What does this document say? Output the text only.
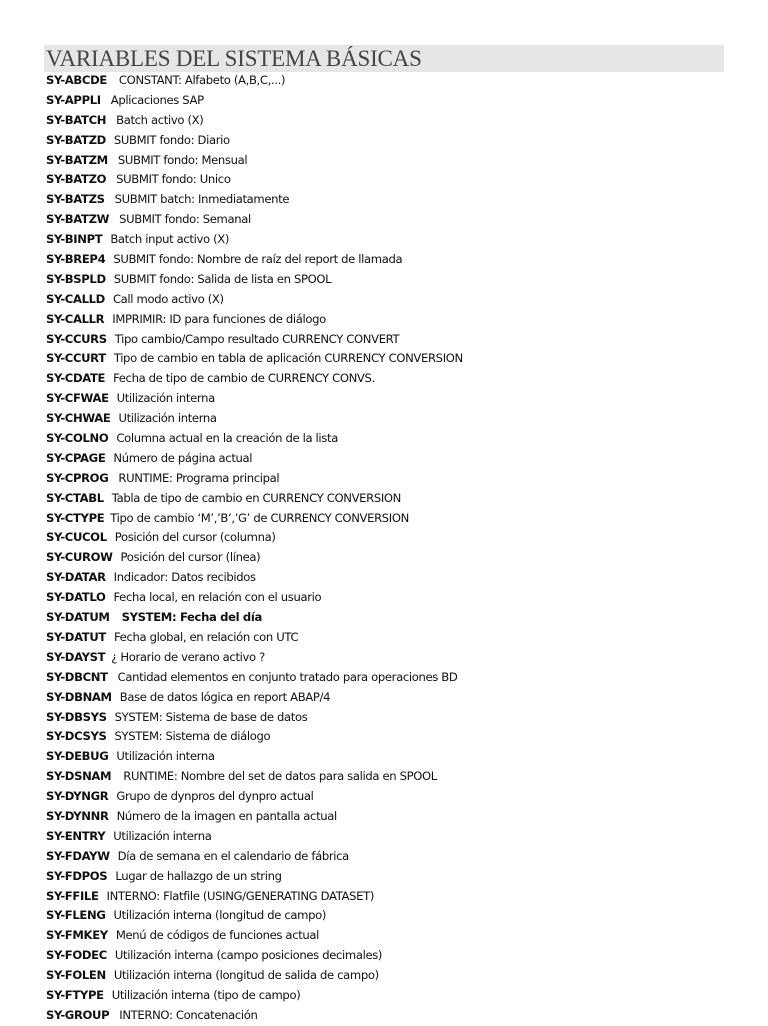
VARIABLES DEL SISTEMA BÁSICAS
SY-ABCDE CONSTANT: Alfabeto (A,B,C,...)
SY-APPLI Aplicaciones SAP
SY-BATCH Batch activo (X)
SY-BATZD SUBMIT fondo: Diario
SY-BATZM SUBMIT fondo: Mensual
SY-BATZO SUBMIT fondo: Unico
SY-BATZS SUBMIT batch: Inmediatamente
SY-BATZW SUBMIT fondo: Semanal
SY-BINPT Batch input activo (X)
SY-BREP4 SUBMIT fondo: Nombre de raíz del report de llamada
SY-BSPLD SUBMIT fondo: Salida de lista en SPOOL
SY-CALLD Call modo activo (X)
SY-CALLR IMPRIMIR: ID para funciones de diálogo
SY-CCURS Tipo cambio/Campo resultado CURRENCY CONVERT
SY-CCURT Tipo de cambio en tabla de aplicación CURRENCY CONVERSION
SY-CDATE Fecha de tipo de cambio de CURRENCY CONVS.
SY-CFWAE Utilización interna
SY-CHWAE Utilización interna
SY-COLNO Columna actual en la creación de la lista
SY-CPAGE Número de página actual
SY-CPROG RUNTIME: Programa principal
SY-CTABL Tabla de tipo de cambio en CURRENCY CONVERSION
SY-CTYPE Tipo de cambio ‘M’,’B’,’G’ de CURRENCY CONVERSION
SY-CUCOL Posición del cursor (columna)
SY-CUROW Posición del cursor (línea)
SY-DATAR Indicador: Datos recibidos
SY-DATLO Fecha local, en relación con el usuario
SY-DATUM SYSTEM: Fecha del día
SY-DATUT Fecha global, en relación con UTC
SY-DAYST ¿ Horario de verano activo ?
SY-DBCNT Cantidad elementos en conjunto tratado para operaciones BD
SY-DBNAM Base de datos lógica en report ABAP/4
SY-DBSYS SYSTEM: Sistema de base de datos
SY-DCSYS SYSTEM: Sistema de diálogo
SY-DEBUG Utilización interna
SY-DSNAM RUNTIME: Nombre del set de datos para salida en SPOOL
SY-DYNGR Grupo de dynpros del dynpro actual
SY-DYNNR Número de la imagen en pantalla actual
SY-ENTRY Utilización interna
SY-FDAYW Día de semana en el calendario de fábrica
SY-FDPOS Lugar de hallazgo de un string
SY-FFILE INTERNO: Flatfile (USING/GENERATING DATASET)
SY-FLENG Utilización interna (longitud de campo)
SY-FMKEY Menú de códigos de funciones actual
SY-FODEC Utilización interna (campo posiciones decimales)
SY-FOLEN Utilización interna (longitud de salida de campo)
SY-FTYPE Utilización interna (tipo de campo)
SY-GROUP INTERNO: Concatenación
